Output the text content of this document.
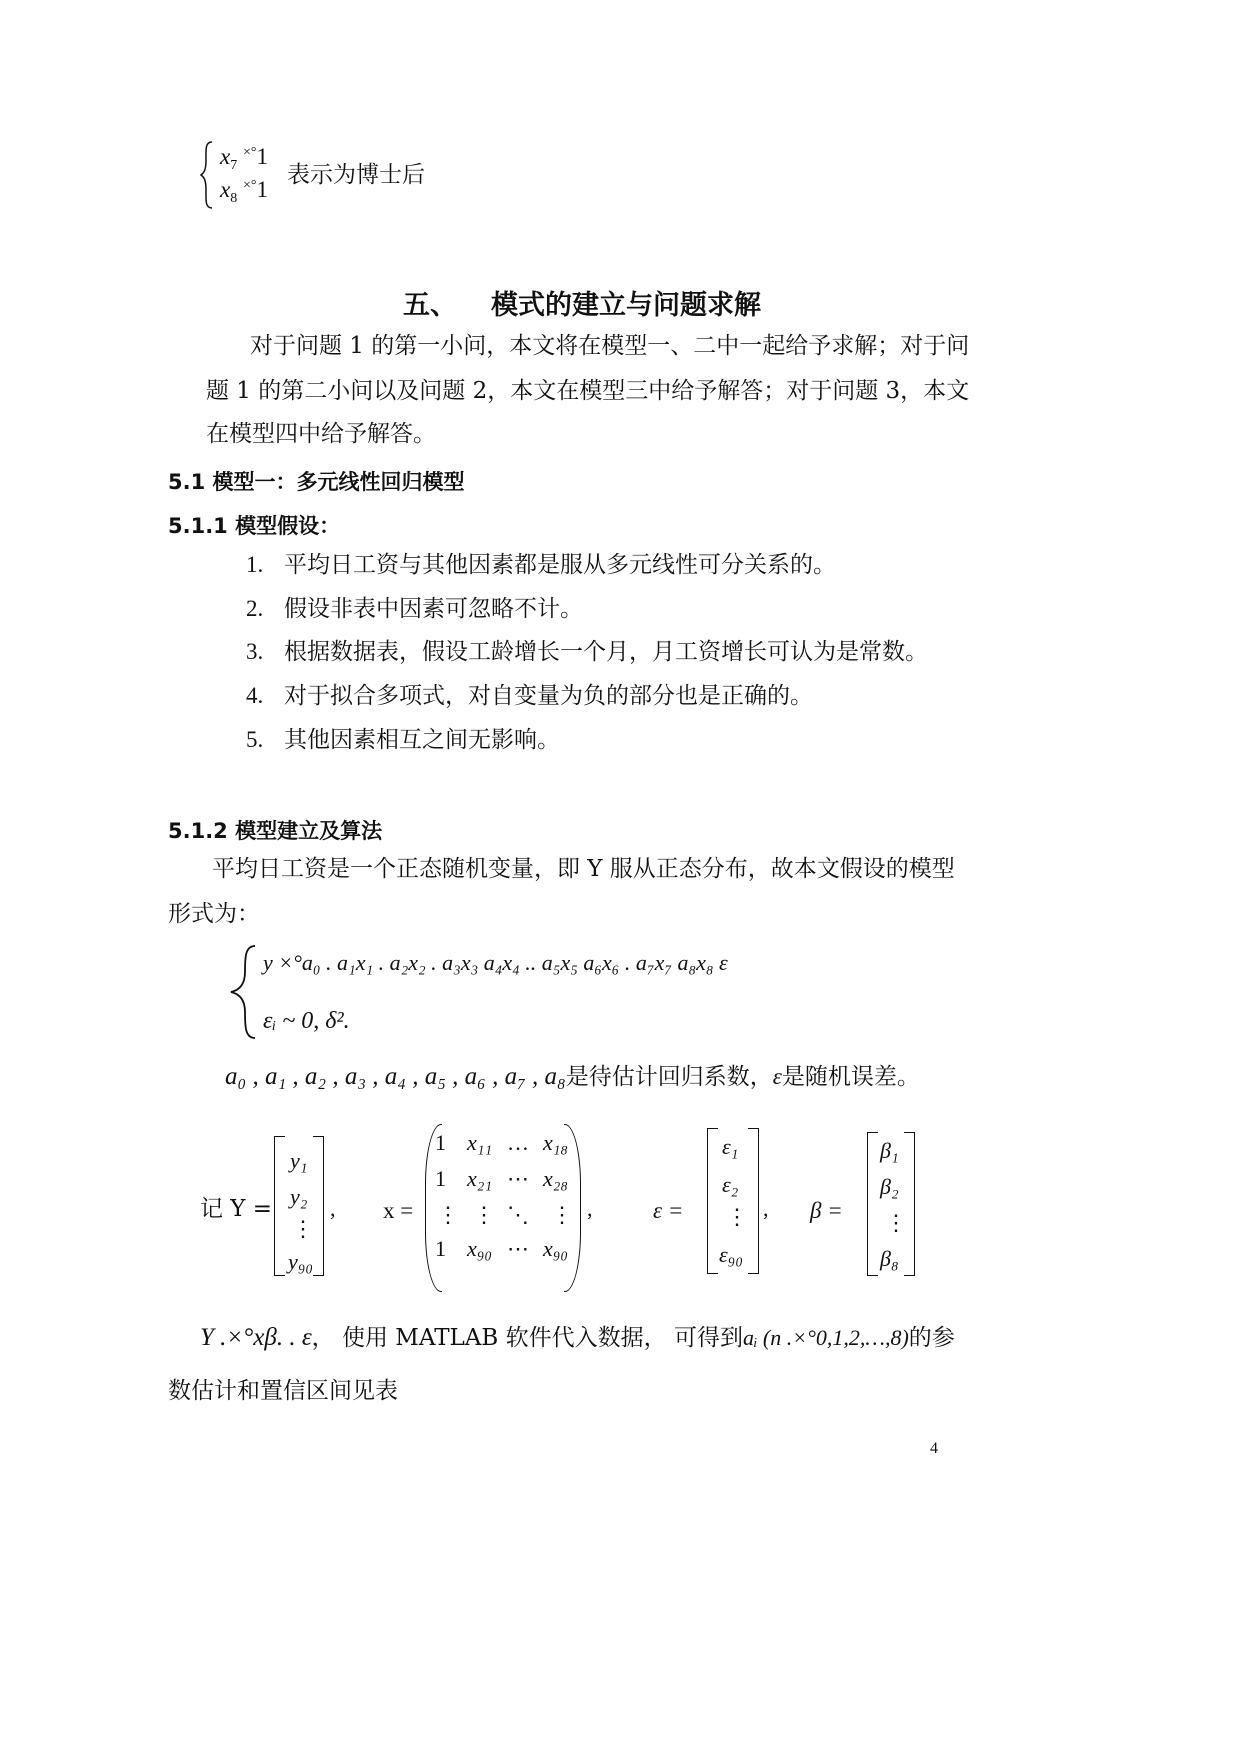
$x_7$ ×°1
$x_8$ ×°1
表示为博士后
五、 模式的建立与问题求解
对于问题 1 的第一小问，本文将在模型一、二中一起给予求解；对于问
题 1 的第二小问以及问题 2，本文在模型三中给予解答；对于问题 3，本文
在模型四中给予解答。
5.1 模型一：多元线性回归模型
5.1.1 模型假设：
1. 平均日工资与其他因素都是服从多元线性可分关系的。
2. 假设非表中因素可忽略不计。
3. 根据数据表，假设工龄增长一个月，月工资增长可认为是常数。
4. 对于拟合多项式，对自变量为负的部分也是正确的。
5. 其他因素相互之间无影响。
5.1.2 模型建立及算法
平均日工资是一个正态随机变量，即 Y 服从正态分布，故本文假设的模型
形式为：
y ×°a₀ . a₁x₁ . a₂x₂ . a₃x₃ a₄x₄ .. a₅x₅ a₆x₆ . a₇x₇ a₈x₈ ε
εᵢ ~ 0, δ².
a₀ , a₁ , a₂ , a₃ , a₄ , a₅ , a₆ , a₇ , a₈是待估计回归系数，ε是随机误差。
记 Y =
y₁
y₂
⋮
y₉₀
, x =
1 x₁₁ … x₁₈
1 x₂₁ ⋯ x₂₈
⋮ ⋮ ⋱ ⋮
1 x₉₀ ⋯ x₉₀
,	ε =
ε₁
ε₂
⋮
ε₉₀
, β =
β₁
β₂
⋮
β₈
Y .×°xβ. . ε， 使用 MATLAB 软件代入数据， 可得到aᵢ (n .×°0,1,2,…,8)的参
数估计和置信区间见表
4
